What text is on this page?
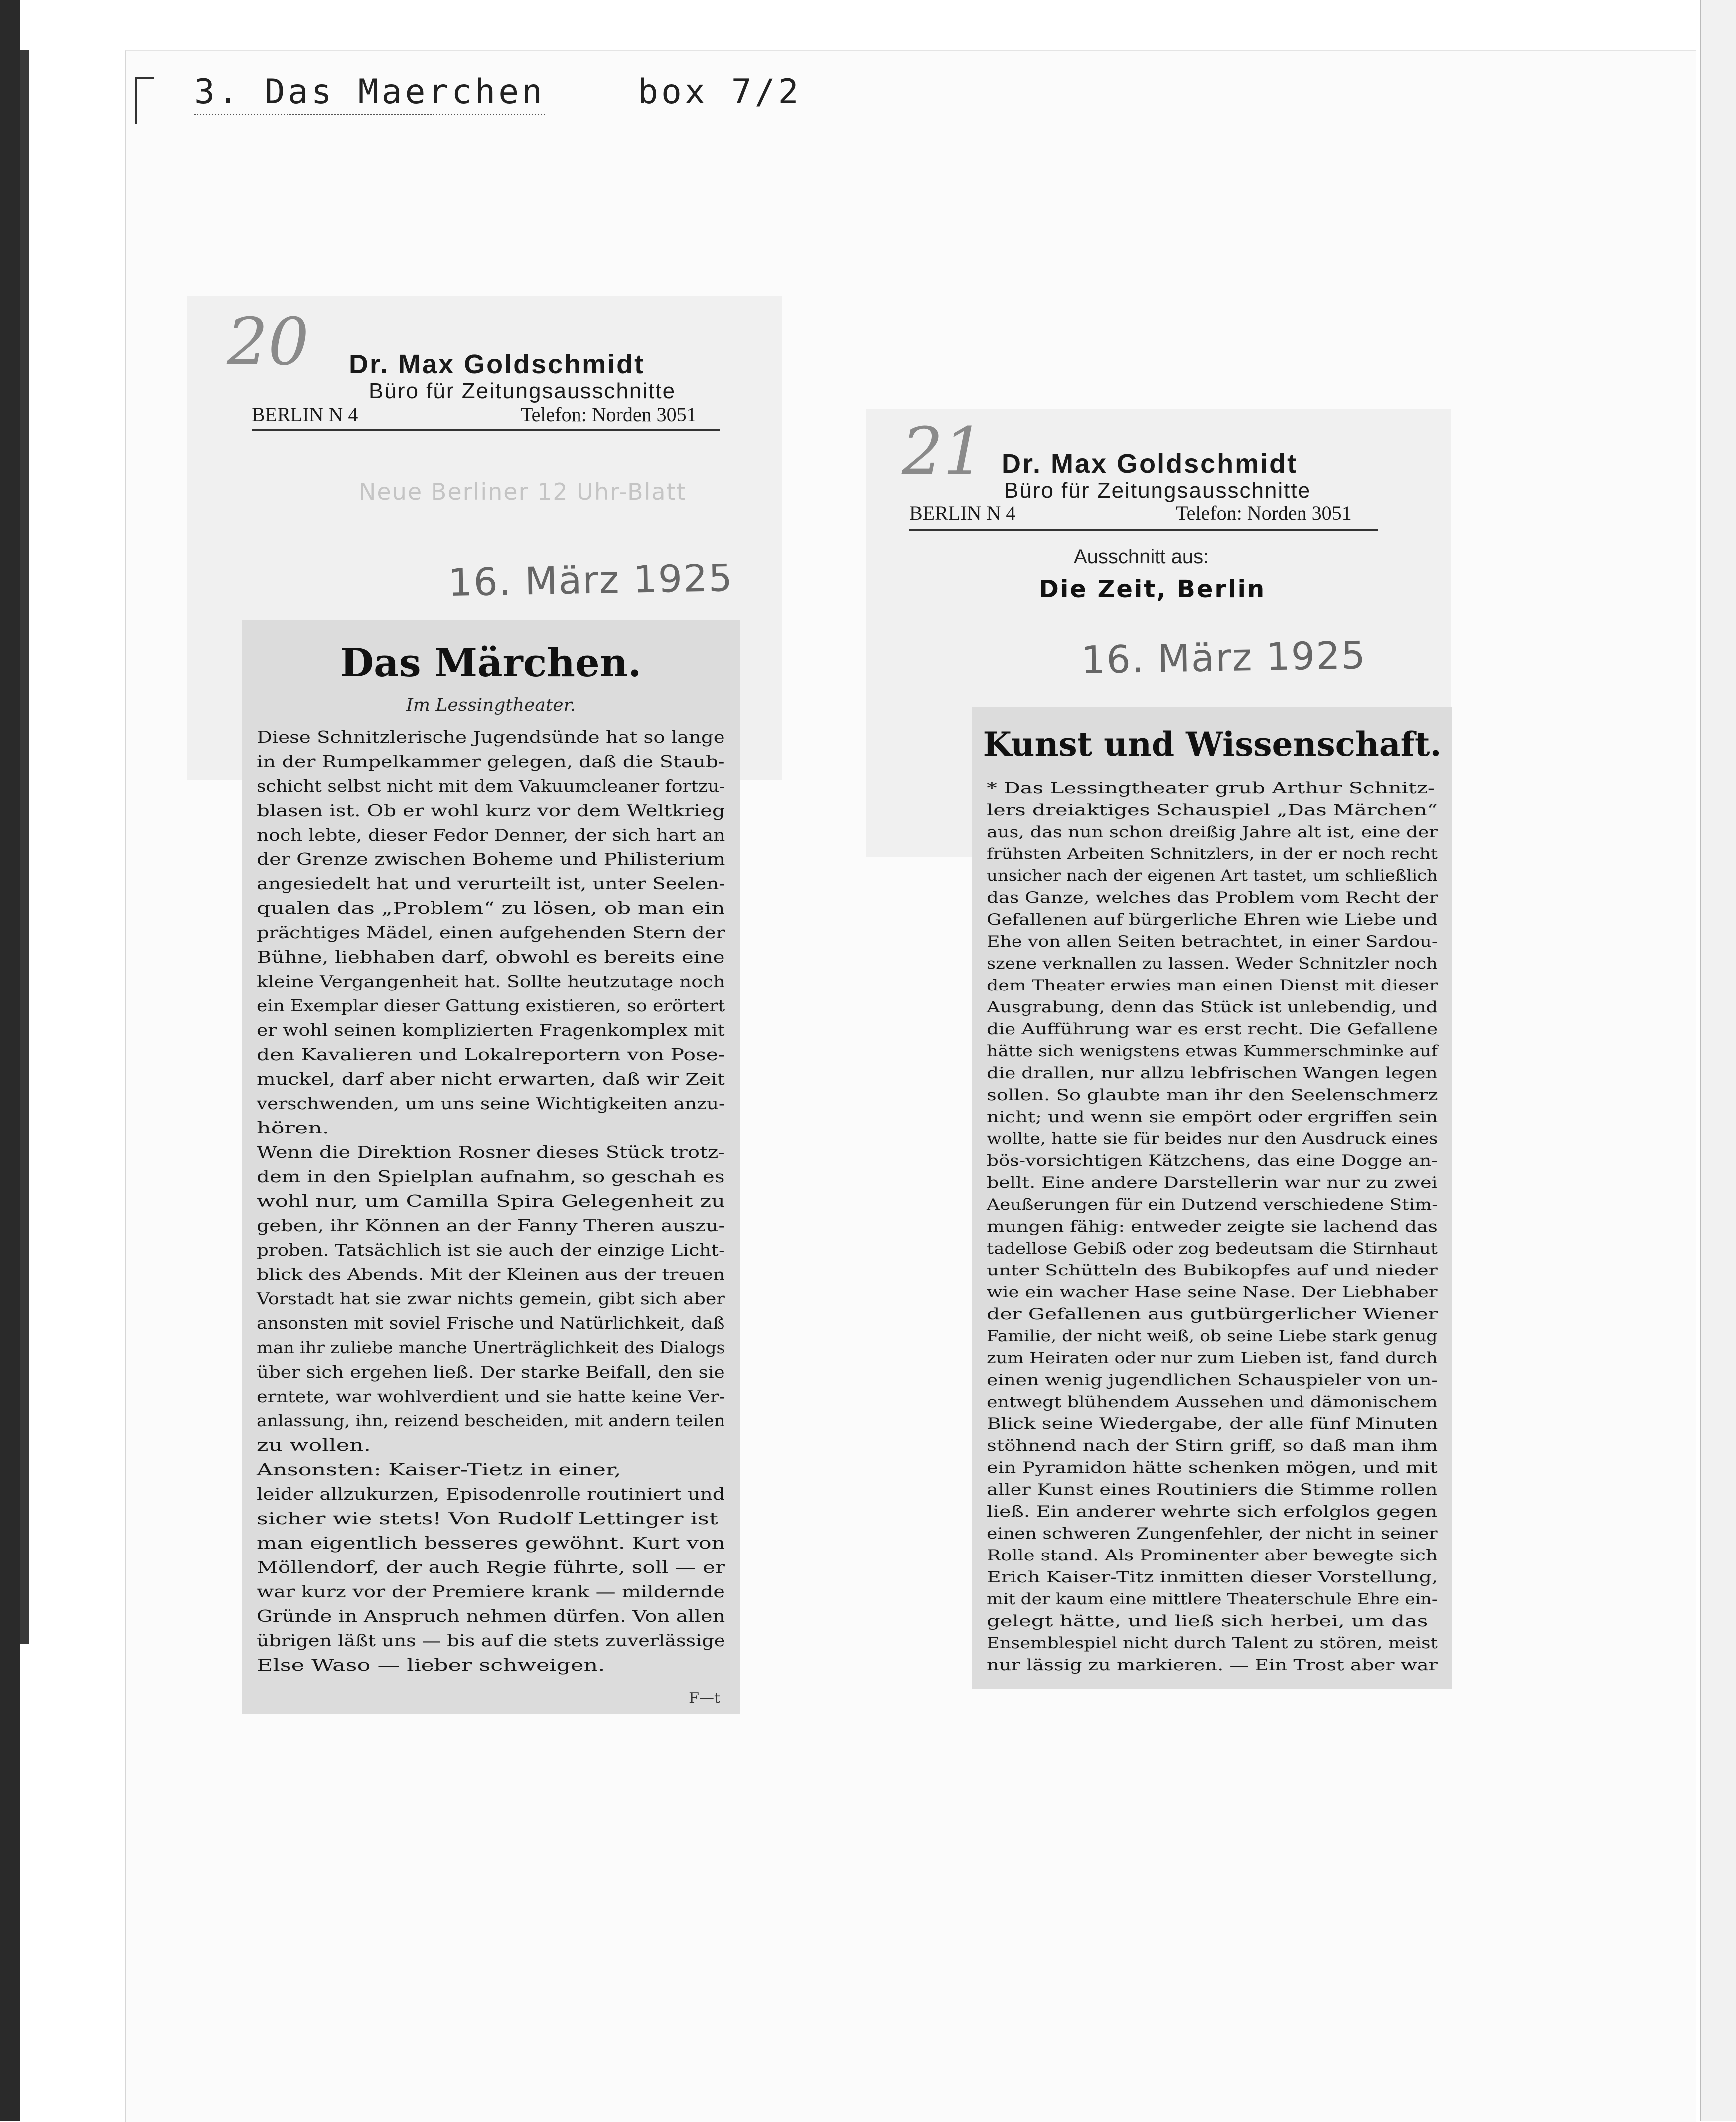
3. Das Maerchen	box 7/2
20 Dr. Max Goldschmidt
Büro für Zeitungsausschnitte
BERLIN N 4	Telefon: Norden 3051
Neue Berliner 12 Uhr-Blatt
16. März 1925
Das Märchen.
Im Lessingtheater.
Diese Schnitzlerische Jugendsünde hat so lange
in der Rumpelkammer gelegen, daß die Staub-
schicht selbst nicht mit dem Vakuumcleaner fortzu-
blasen ist. Ob er wohl kurz vor dem Weltkrieg
noch lebte, dieser Fedor Denner, der sich hart an
der Grenze zwischen Boheme und Philisterium
angesiedelt hat und verurteilt ist, unter Seelen-
qualen das „Problem“ zu lösen, ob man ein
prächtiges Mädel, einen aufgehenden Stern der
Bühne, liebhaben darf, obwohl es bereits eine
kleine Vergangenheit hat. Sollte heutzutage noch
ein Exemplar dieser Gattung existieren, so erörtert
er wohl seinen komplizierten Fragenkomplex mit
den Kavalieren und Lokalreportern von Pose-
muckel, darf aber nicht erwarten, daß wir Zeit
verschwenden, um uns seine Wichtigkeiten anzu-
hören.
Wenn die Direktion Rosner dieses Stück trotz-
dem in den Spielplan aufnahm, so geschah es
wohl nur, um Camilla Spira Gelegenheit zu
geben, ihr Können an der Fanny Theren auszu-
proben. Tatsächlich ist sie auch der einzige Licht-
blick des Abends. Mit der Kleinen aus der treuen
Vorstadt hat sie zwar nichts gemein, gibt sich aber
ansonsten mit soviel Frische und Natürlichkeit, daß
man ihr zuliebe manche Unerträglichkeit des Dialogs
über sich ergehen ließ. Der starke Beifall, den sie
erntete, war wohlverdient und sie hatte keine Ver-
anlassung, ihn, reizend bescheiden, mit andern teilen
zu wollen.
Ansonsten: Kaiser-Tietz in einer,
leider allzukurzen, Episodenrolle routiniert und
sicher wie stets! Von Rudolf Lettinger ist
man eigentlich besseres gewöhnt. Kurt von
Möllendorf, der auch Regie führte, soll — er
war kurz vor der Premiere krank — mildernde
Gründe in Anspruch nehmen dürfen. Von allen
übrigen läßt uns — bis auf die stets zuverlässige
Else Waso — lieber schweigen.
F—t
21 Dr. Max Goldschmidt
Büro für Zeitungsausschnitte
BERLIN N 4	Telefon: Norden 3051
Ausschnitt aus:
Die Zeit, Berlin
16. März 1925
Kunst und Wissenschaft.
* Das Lessingtheater grub Arthur Schnitz-
lers dreiaktiges Schauspiel „Das Märchen“
aus, das nun schon dreißig Jahre alt ist, eine der
frühsten Arbeiten Schnitzlers, in der er noch recht
unsicher nach der eigenen Art tastet, um schließlich
das Ganze, welches das Problem vom Recht der
Gefallenen auf bürgerliche Ehren wie Liebe und
Ehe von allen Seiten betrachtet, in einer Sardou-
szene verknallen zu lassen. Weder Schnitzler noch
dem Theater erwies man einen Dienst mit dieser
Ausgrabung, denn das Stück ist unlebendig, und
die Aufführung war es erst recht. Die Gefallene
hätte sich wenigstens etwas Kummerschminke auf
die drallen, nur allzu lebfrischen Wangen legen
sollen. So glaubte man ihr den Seelenschmerz
nicht; und wenn sie empört oder ergriffen sein
wollte, hatte sie für beides nur den Ausdruck eines
bös-vorsichtigen Kätzchens, das eine Dogge an-
bellt. Eine andere Darstellerin war nur zu zwei
Aeußerungen für ein Dutzend verschiedene Stim-
mungen fähig: entweder zeigte sie lachend das
tadellose Gebiß oder zog bedeutsam die Stirnhaut
unter Schütteln des Bubikopfes auf und nieder
wie ein wacher Hase seine Nase. Der Liebhaber
der Gefallenen aus gutbürgerlicher Wiener
Familie, der nicht weiß, ob seine Liebe stark genug
zum Heiraten oder nur zum Lieben ist, fand durch
einen wenig jugendlichen Schauspieler von un-
entwegt blühendem Aussehen und dämonischem
Blick seine Wiedergabe, der alle fünf Minuten
stöhnend nach der Stirn griff, so daß man ihm
ein Pyramidon hätte schenken mögen, und mit
aller Kunst eines Routiniers die Stimme rollen
ließ. Ein anderer wehrte sich erfolglos gegen
einen schweren Zungenfehler, der nicht in seiner
Rolle stand. Als Prominenter aber bewegte sich
Erich Kaiser-Titz inmitten dieser Vorstellung,
mit der kaum eine mittlere Theaterschule Ehre ein-
gelegt hätte, und ließ sich herbei, um das
Ensemblespiel nicht durch Talent zu stören, meist
nur lässig zu markieren. — Ein Trost aber war
